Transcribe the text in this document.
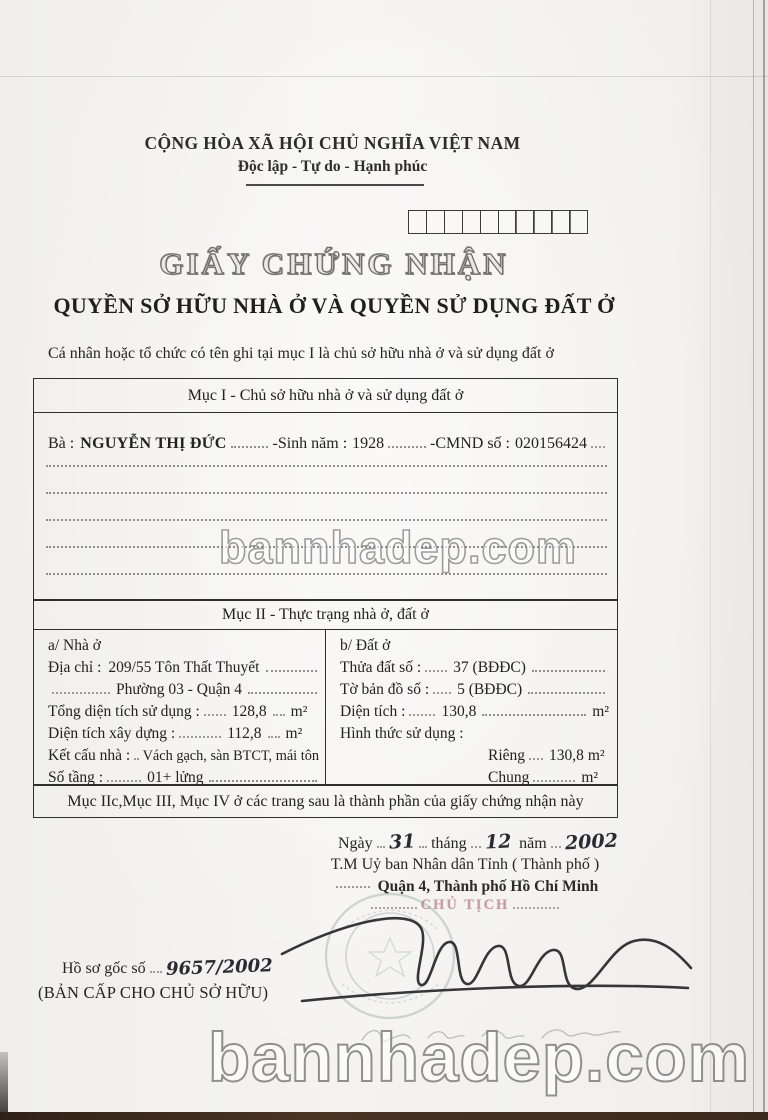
CỘNG HÒA XÃ HỘI CHỦ NGHĨA VIỆT NAM
Độc lập - Tự do - Hạnh phúc
GIẤY CHỨNG NHẬN
QUYỀN SỞ HỮU NHÀ Ở VÀ QUYỀN SỬ DỤNG ĐẤT Ở
Cá nhân hoặc tổ chức có tên ghi tại mục I là chủ sở hữu nhà ở và sử dụng đất ở
Mục I - Chủ sở hữu nhà ở và sử dụng đất ở
Bà : NGUYỄN THỊ ĐỨC	-Sinh năm : 1928	-CMND số : 020156424
bannhadep.com
Mục II - Thực trạng nhà ở, đất ở
a/ Nhà ở
Địa chỉ : 209/55 Tôn Thất Thuyết
Phường 03 - Quận 4
Tổng diện tích sử dụng : 128,8 m²
Diện tích xây dựng :	112,8 m²
Kết cấu nhà : Vách gạch, sàn BTCT, mái tôn
Số tầng :	01+ lửng
b/ Đất ở
Thửa đất số : 37 (BĐĐC)
Tờ bản đồ số : 5 (BĐĐC)
Diện tích : 130,8	m²
Hình thức sử dụng :
Riêng 130,8 m²
Chung	m²
Mục IIc,Mục III, Mục IV ở các trang sau là thành phần của giấy chứng nhận này
Ngày 31 tháng 12 năm 2002
T.M Uỷ ban Nhân dân Tỉnh ( Thành phố )
Quận 4, Thành phố Hồ Chí Minh
CHỦ TỊCH
Hồ sơ gốc số 9657/2002
(BẢN CẤP CHO CHỦ SỞ HỮU)
bannhadep.com
